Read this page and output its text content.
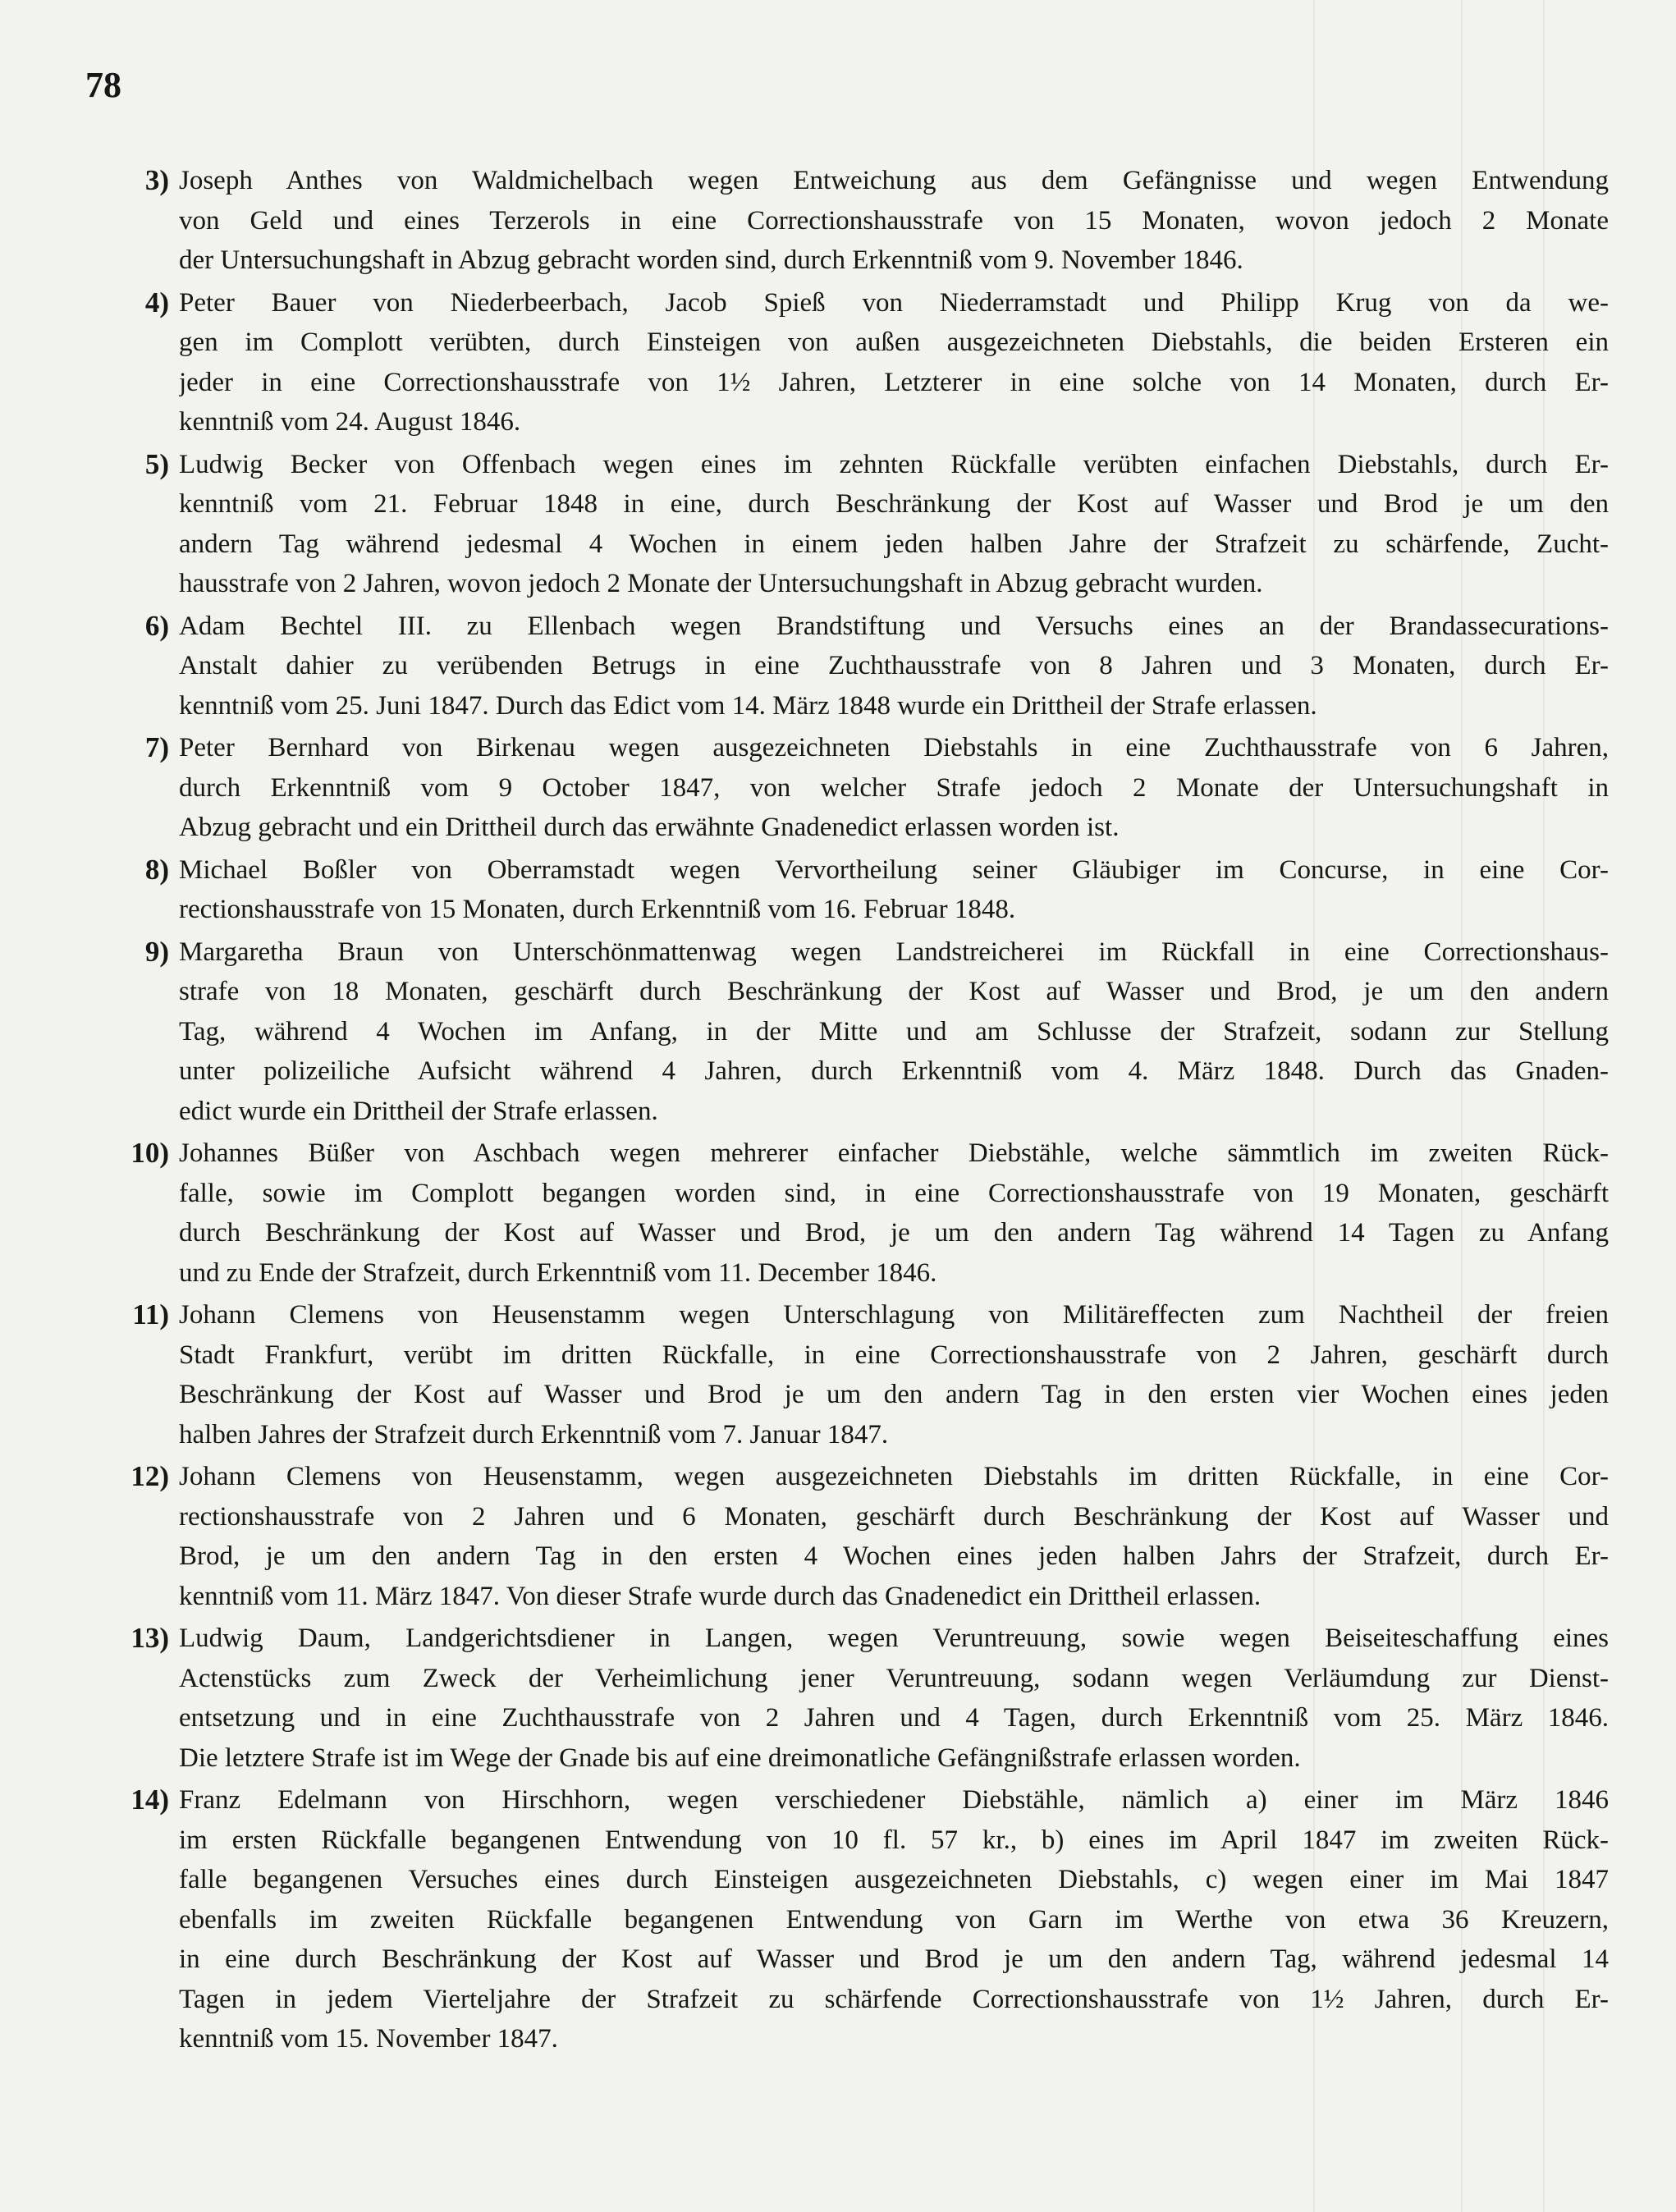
78
3) Joseph Anthes von Waldmichelbach wegen Entweichung aus dem Gefängnisse und wegen Entwendung
von Geld und eines Terzerols in eine Correctionshausstrafe von 15 Monaten, wovon jedoch 2 Monate
der Untersuchungshaft in Abzug gebracht worden sind, durch Erkenntniß vom 9. November 1846.
4) Peter Bauer von Niederbeerbach, Jacob Spieß von Niederramstadt und Philipp Krug von da we-
gen im Complott verübten, durch Einsteigen von außen ausgezeichneten Diebstahls, die beiden Ersteren ein
jeder in eine Correctionshausstrafe von 1½ Jahren, Letzterer in eine solche von 14 Monaten, durch Er-
kenntniß vom 24. August 1846.
5) Ludwig Becker von Offenbach wegen eines im zehnten Rückfalle verübten einfachen Diebstahls, durch Er-
kenntniß vom 21. Februar 1848 in eine, durch Beschränkung der Kost auf Wasser und Brod je um den
andern Tag während jedesmal 4 Wochen in einem jeden halben Jahre der Strafzeit zu schärfende, Zucht-
hausstrafe von 2 Jahren, wovon jedoch 2 Monate der Untersuchungshaft in Abzug gebracht wurden.
6) Adam Bechtel III. zu Ellenbach wegen Brandstiftung und Versuchs eines an der Brandassecurations-
Anstalt dahier zu verübenden Betrugs in eine Zuchthausstrafe von 8 Jahren und 3 Monaten, durch Er-
kenntniß vom 25. Juni 1847. Durch das Edict vom 14. März 1848 wurde ein Drittheil der Strafe erlassen.
7) Peter Bernhard von Birkenau wegen ausgezeichneten Diebstahls in eine Zuchthausstrafe von 6 Jahren,
durch Erkenntniß vom 9 October 1847, von welcher Strafe jedoch 2 Monate der Untersuchungshaft in
Abzug gebracht und ein Drittheil durch das erwähnte Gnadenedict erlassen worden ist.
8) Michael Boßler von Oberramstadt wegen Vervortheilung seiner Gläubiger im Concurse, in eine Cor-
rectionshausstrafe von 15 Monaten, durch Erkenntniß vom 16. Februar 1848.
9) Margaretha Braun von Unterschönmattenwag wegen Landstreicherei im Rückfall in eine Correctionshaus-
strafe von 18 Monaten, geschärft durch Beschränkung der Kost auf Wasser und Brod, je um den andern
Tag, während 4 Wochen im Anfang, in der Mitte und am Schlusse der Strafzeit, sodann zur Stellung
unter polizeiliche Aufsicht während 4 Jahren, durch Erkenntniß vom 4. März 1848. Durch das Gnaden-
edict wurde ein Drittheil der Strafe erlassen.
10) Johannes Büßer von Aschbach wegen mehrerer einfacher Diebstähle, welche sämmtlich im zweiten Rück-
falle, sowie im Complott begangen worden sind, in eine Correctionshausstrafe von 19 Monaten, geschärft
durch Beschränkung der Kost auf Wasser und Brod, je um den andern Tag während 14 Tagen zu Anfang
und zu Ende der Strafzeit, durch Erkenntniß vom 11. December 1846.
11) Johann Clemens von Heusenstamm wegen Unterschlagung von Militäreffecten zum Nachtheil der freien
Stadt Frankfurt, verübt im dritten Rückfalle, in eine Correctionshausstrafe von 2 Jahren, geschärft durch
Beschränkung der Kost auf Wasser und Brod je um den andern Tag in den ersten vier Wochen eines jeden
halben Jahres der Strafzeit durch Erkenntniß vom 7. Januar 1847.
12) Johann Clemens von Heusenstamm, wegen ausgezeichneten Diebstahls im dritten Rückfalle, in eine Cor-
rectionshausstrafe von 2 Jahren und 6 Monaten, geschärft durch Beschränkung der Kost auf Wasser und
Brod, je um den andern Tag in den ersten 4 Wochen eines jeden halben Jahrs der Strafzeit, durch Er-
kenntniß vom 11. März 1847. Von dieser Strafe wurde durch das Gnadenedict ein Drittheil erlassen.
13) Ludwig Daum, Landgerichtsdiener in Langen, wegen Veruntreuung, sowie wegen Beiseiteschaffung eines
Actenstücks zum Zweck der Verheimlichung jener Veruntreuung, sodann wegen Verläumdung zur Dienst-
entsetzung und in eine Zuchthausstrafe von 2 Jahren und 4 Tagen, durch Erkenntniß vom 25. März 1846.
Die letztere Strafe ist im Wege der Gnade bis auf eine dreimonatliche Gefängnißstrafe erlassen worden.
14) Franz Edelmann von Hirschhorn, wegen verschiedener Diebstähle, nämlich a) einer im März 1846
im ersten Rückfalle begangenen Entwendung von 10 fl. 57 kr., b) eines im April 1847 im zweiten Rück-
falle begangenen Versuches eines durch Einsteigen ausgezeichneten Diebstahls, c) wegen einer im Mai 1847
ebenfalls im zweiten Rückfalle begangenen Entwendung von Garn im Werthe von etwa 36 Kreuzern,
in eine durch Beschränkung der Kost auf Wasser und Brod je um den andern Tag, während jedesmal 14
Tagen in jedem Vierteljahre der Strafzeit zu schärfende Correctionshausstrafe von 1½ Jahren, durch Er-
kenntniß vom 15. November 1847.
